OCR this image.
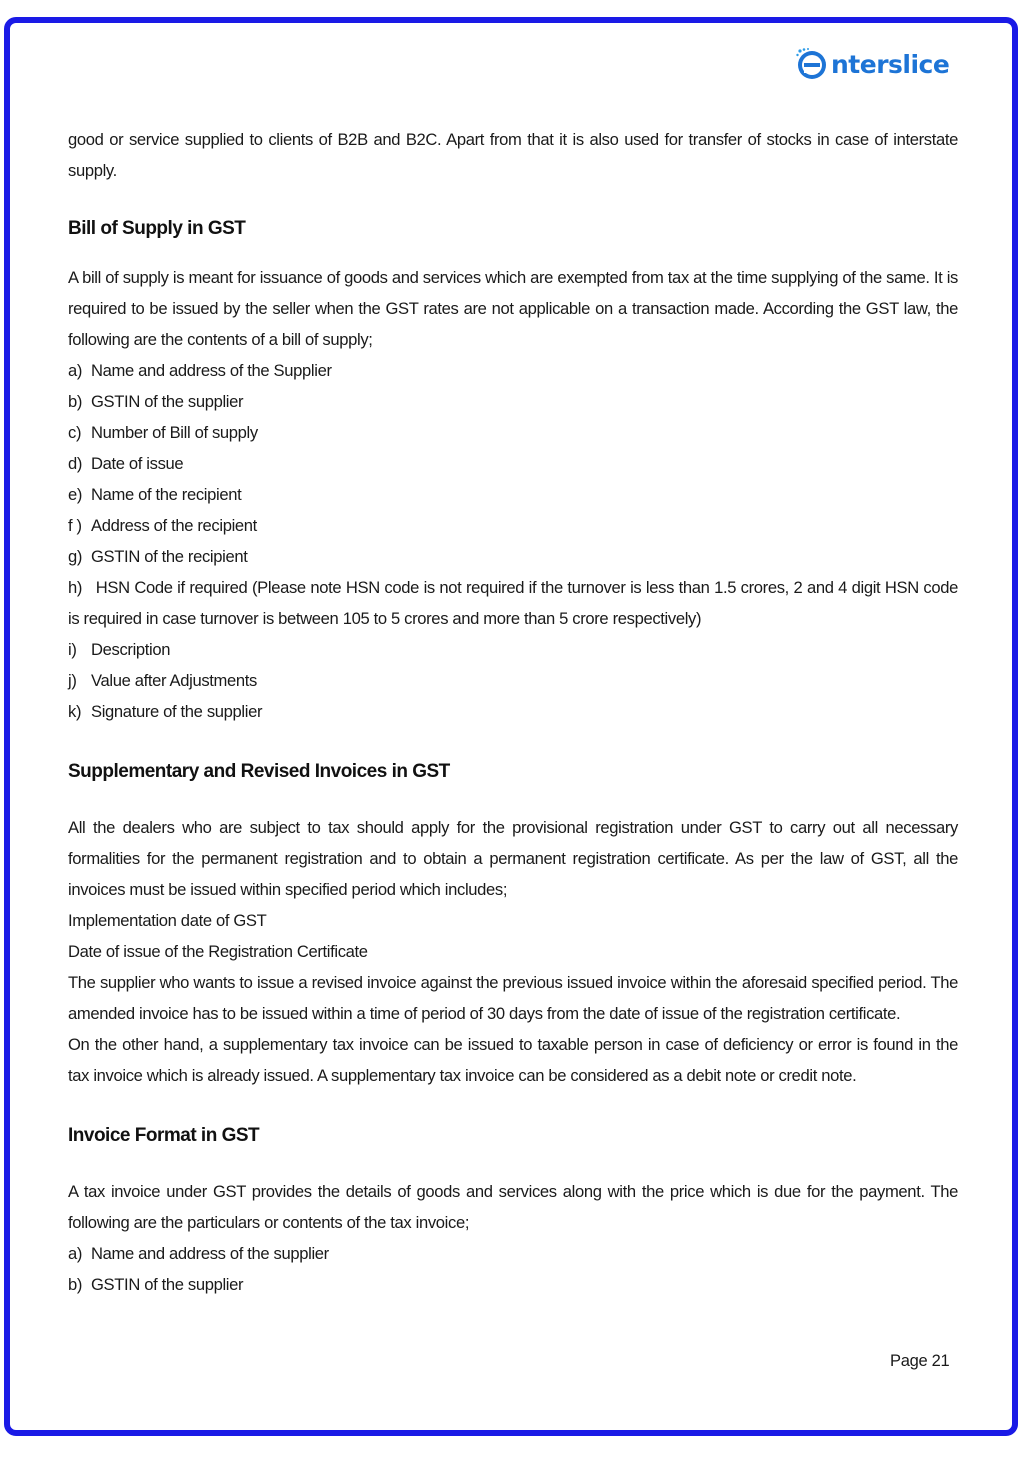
nterslice

good or service supplied to clients of B2B and B2C. Apart from that it is also used for transfer of stocks in case of interstate supply.

Bill of Supply in GST

A bill of supply is meant for issuance of goods and services which are exempted from tax at the time supplying of the same. It is required to be issued by the seller when the GST rates are not applicable on a transaction made. According the GST law, the following are the contents of a bill of supply;

a) Name and address of the Supplier
b) GSTIN of the supplier
c) Number of Bill of supply
d) Date of issue
e) Name of the recipient
f ) Address of the recipient
g) GSTIN of the recipient

h) HSN Code if required (Please note HSN code is not required if the turnover is less than 1.5 crores, 2 and 4 digit HSN code is required in case turnover is between 105 to 5 crores and more than 5 crore respectively)

i) Description
j) Value after Adjustments
k) Signature of the supplier
Supplementary and Revised Invoices in GST

All the dealers who are subject to tax should apply for the provisional registration under GST to carry out all necessary formalities for the permanent registration and to obtain a permanent registration certificate. As per the law of GST, all the invoices must be issued within specified period which includes;

Implementation date of GST

Date of issue of the Registration Certificate

The supplier who wants to issue a revised invoice against the previous issued invoice within the aforesaid specified period. The amended invoice has to be issued within a time of period of 30 days from the date of issue of the registration certificate.

On the other hand, a supplementary tax invoice can be issued to taxable person in case of deficiency or error is found in the tax invoice which is already issued. A supplementary tax invoice can be considered as a debit note or credit note.

Invoice Format in GST

A tax invoice under GST provides the details of goods and services along with the price which is due for the payment. The following are the particulars or contents of the tax invoice;

a) Name and address of the supplier
b) GSTIN of the supplier
Page 21
